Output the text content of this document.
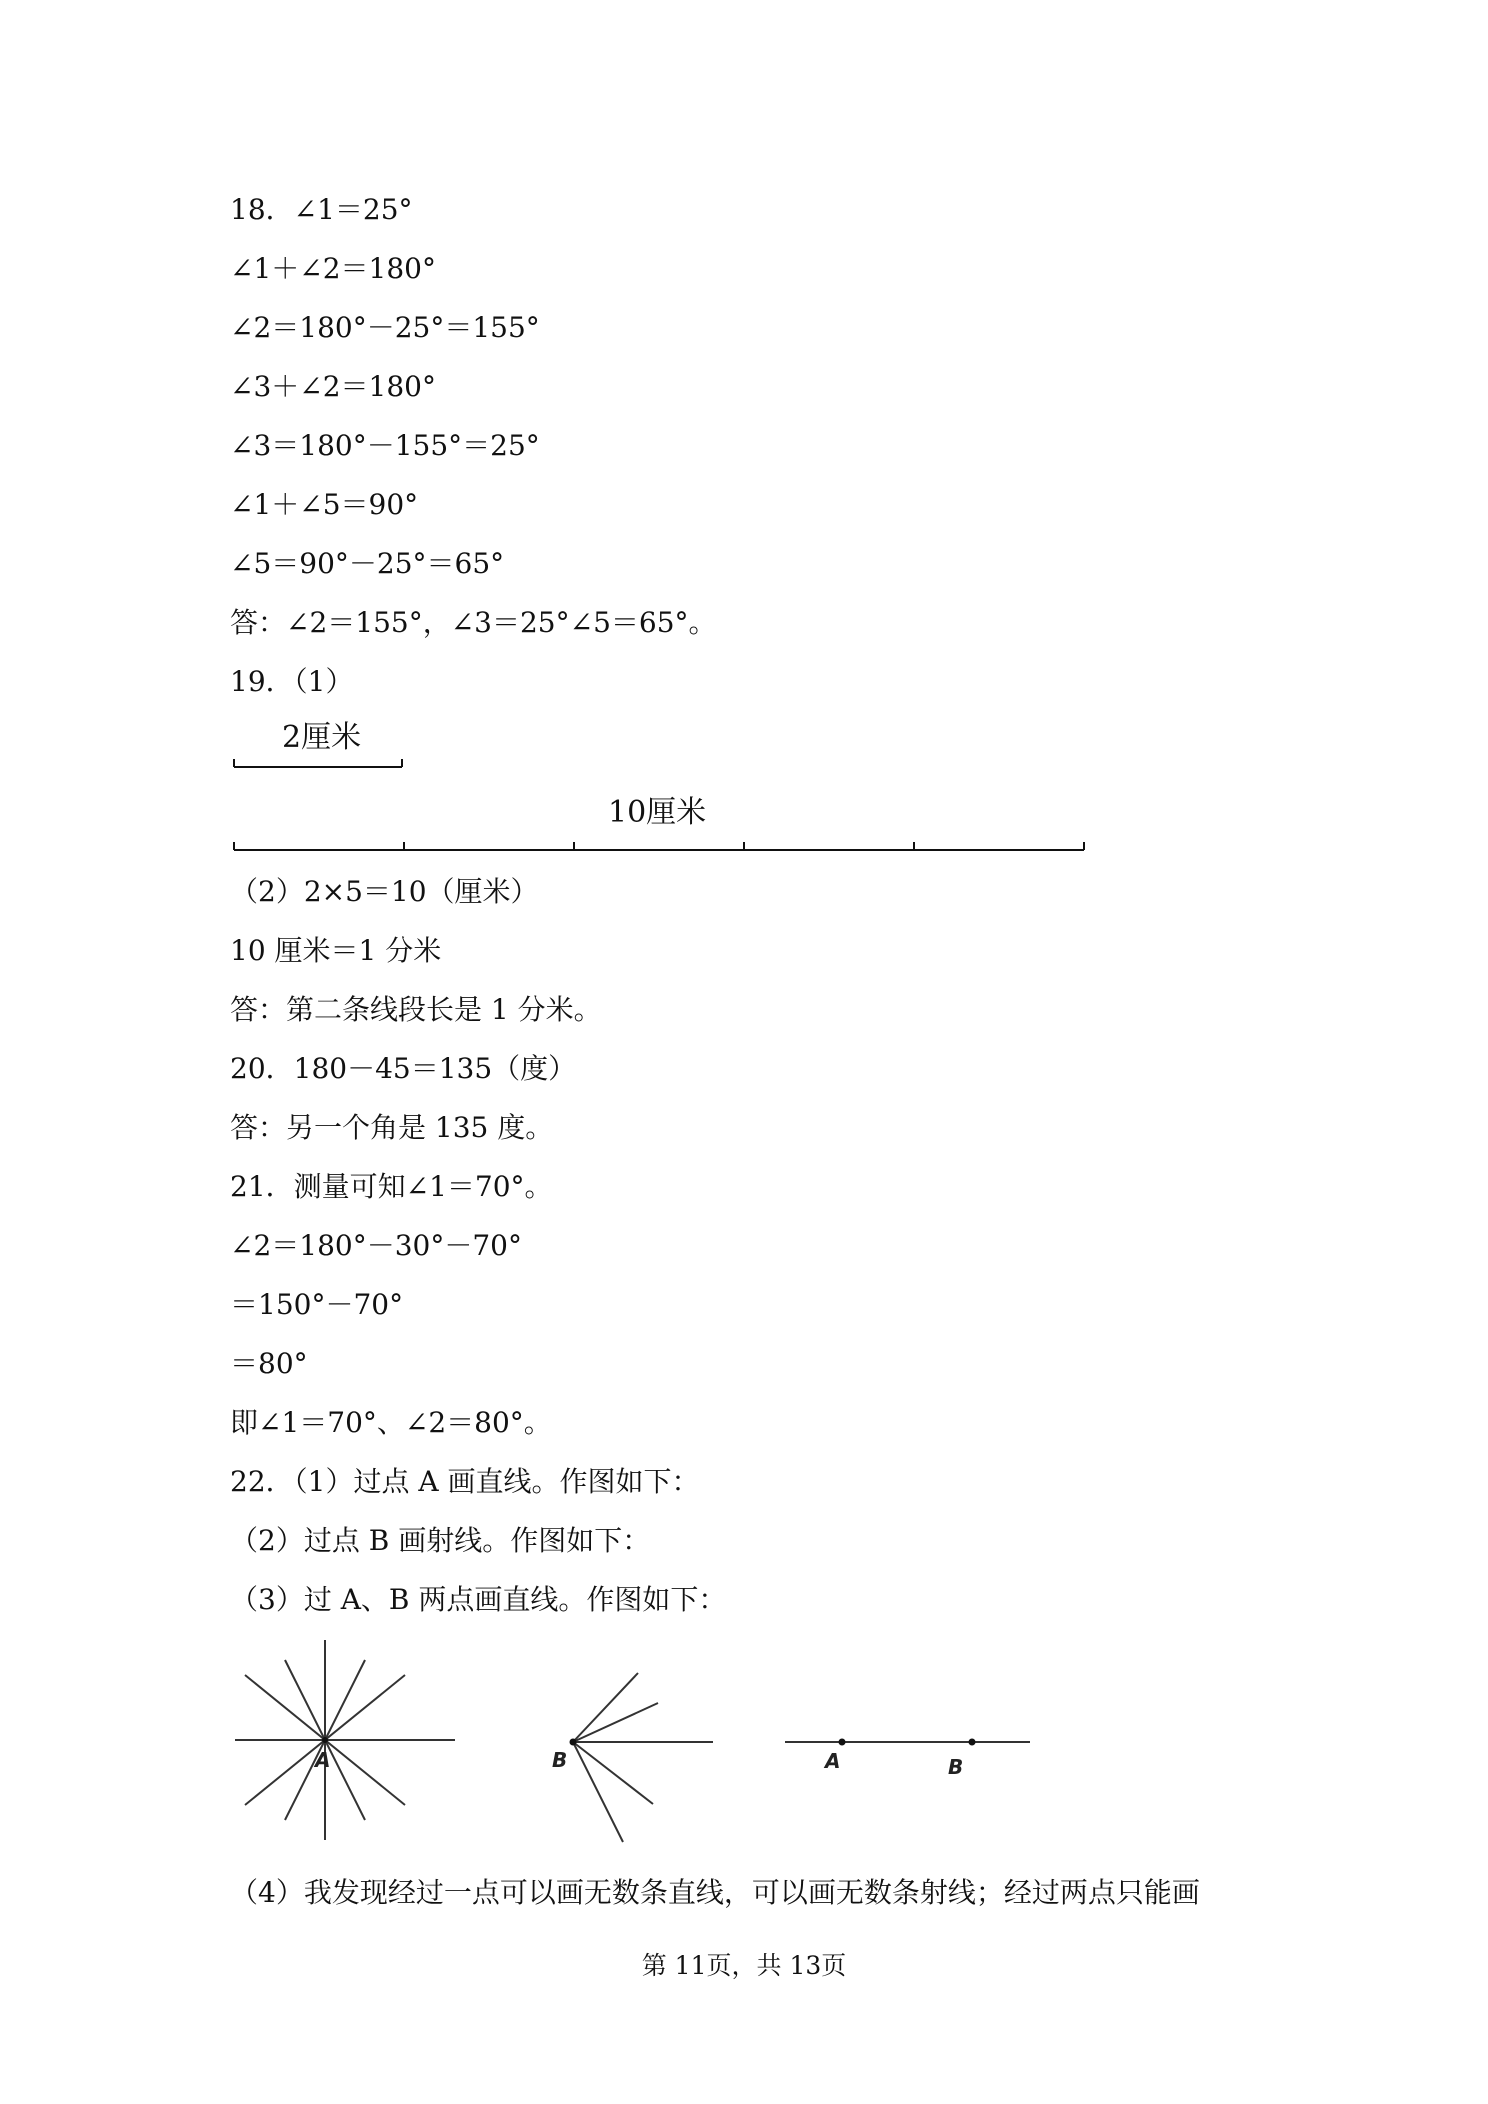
18．∠1＝25°
∠1＋∠2＝180°
∠2＝180°－25°＝155°
∠3＋∠2＝180°
∠3＝180°－155°＝25°
∠1＋∠5＝90°
∠5＝90°－25°＝65°
答：∠2＝155°，∠3＝25°∠5＝65°。
19．（1）
2厘米
10厘米
（2）2×5＝10（厘米）
10 厘米＝1 分米
答：第二条线段长是 1 分米。
20．180－45＝135（度）
答：另一个角是 135 度。
21．测量可知∠1＝70°。
∠2＝180°－30°－70°
＝150°－70°
＝80°
即∠1＝70°、∠2＝80°。
22．（1）过点 A 画直线。作图如下：
（2）过点 B 画射线。作图如下：
（3）过 A、B 两点画直线。作图如下：
A	B	A	B
（4）我发现经过一点可以画无数条直线，可以画无数条射线；经过两点只能画
第 11页，共 13页
